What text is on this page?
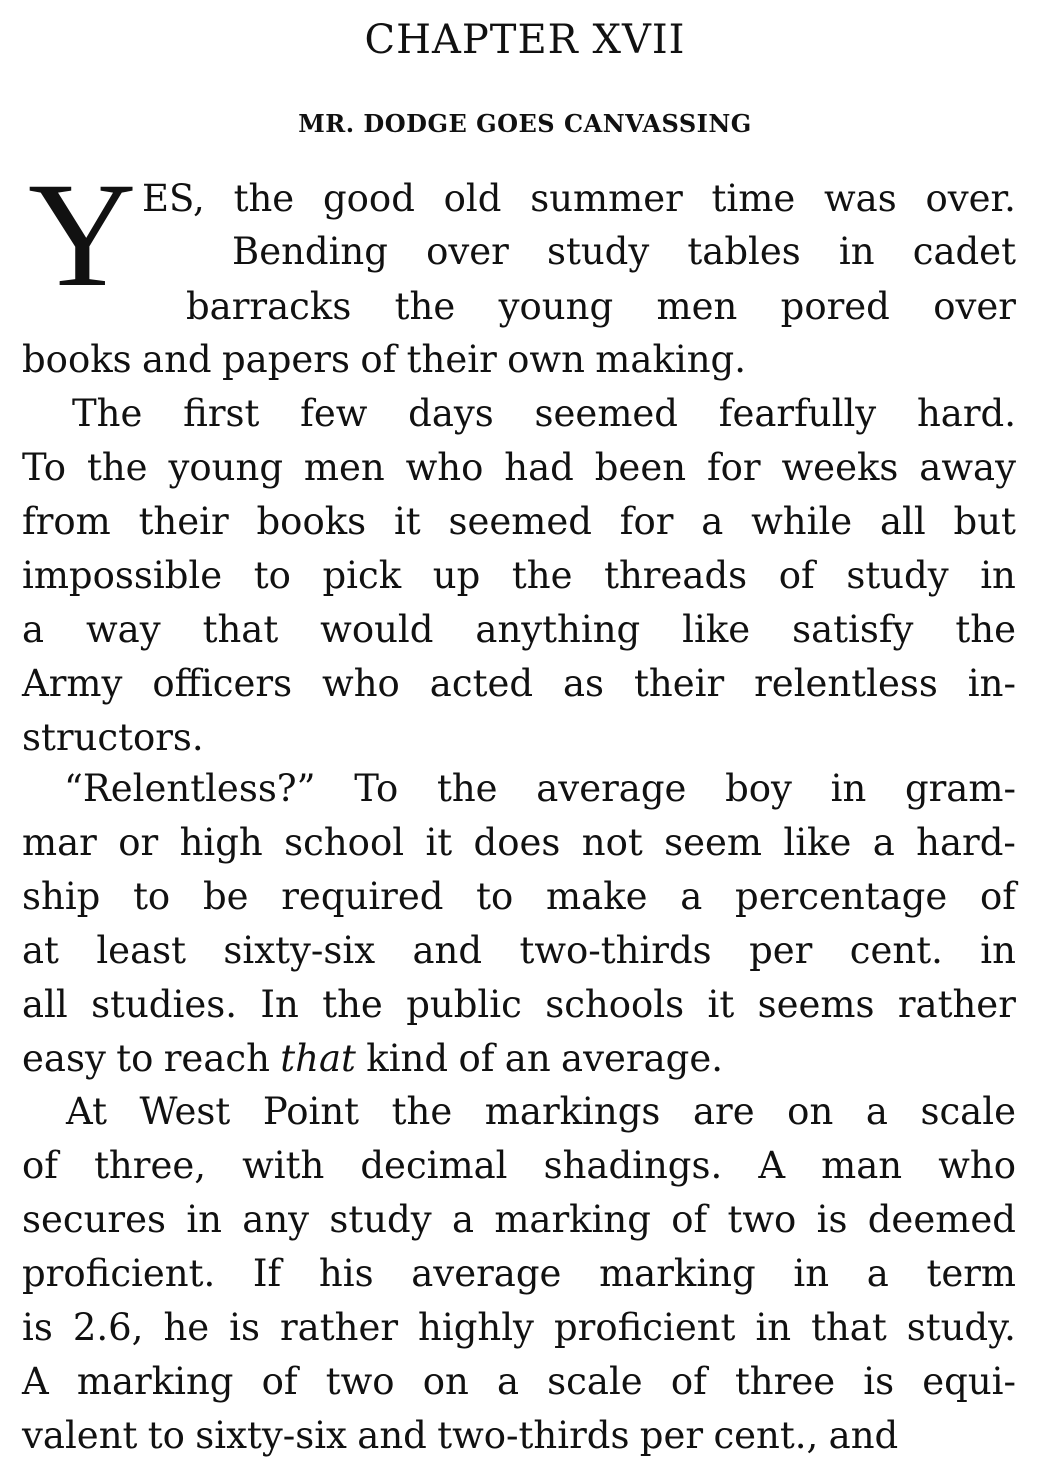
CHAPTER XVII
MR. DODGE GOES CANVASSING
Y ES, the good old summer time was over.
Bending over study tables in cadet
barracks the young men pored over
books and papers of their own making.
The first few days seemed fearfully hard.
To the young men who had been for weeks away
from their books it seemed for a while all but
impossible to pick up the threads of study in
a way that would anything like satisfy the
Army officers who acted as their relentless in-
structors.
“Relentless?” To the average boy in gram-
mar or high school it does not seem like a hard-
ship to be required to make a percentage of
at least sixty-six and two-thirds per cent. in
all studies. In the public schools it seems rather
easy to reach that kind of an average.
At West Point the markings are on a scale
of three, with decimal shadings. A man who
secures in any study a marking of two is deemed
proficient. If his average marking in a term
is 2.6, he is rather highly proficient in that study.
A marking of two on a scale of three is equi-
valent to sixty-six and two-thirds per cent., and
